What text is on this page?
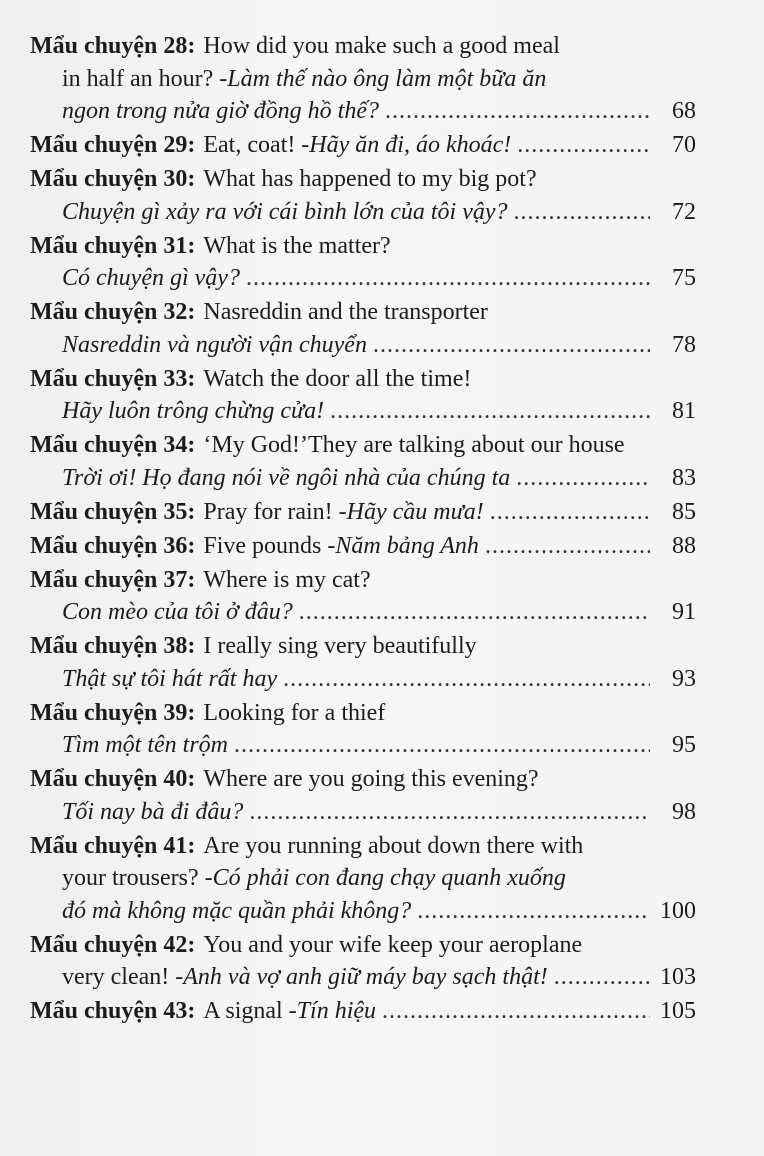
Mẩu chuyện 28: How did you make such a good meal
in half an hour? - Làm thế nào ông làm một bữa ăn
ngon trong nửa giờ đồng hồ thế? .....	68
Mẩu chuyện 29: Eat, coat! - Hãy ăn đi, áo khoác! .....	70
Mẩu chuyện 30: What has happened to my big pot?
Chuyện gì xảy ra với cái bình lớn của tôi vậy? .....	72
Mẩu chuyện 31: What is the matter?
Có chuyện gì vậy? .....	75
Mẩu chuyện 32: Nasreddin and the transporter
Nasreddin và người vận chuyển .....	78
Mẩu chuyện 33: Watch the door all the time!
Hãy luôn trông chừng cửa! .....	81
Mẩu chuyện 34: ‘My God!’They are talking about our house
Trời ơi! Họ đang nói về ngôi nhà của chúng ta .....	83
Mẩu chuyện 35: Pray for rain! - Hãy cầu mưa! .....	85
Mẩu chuyện 36: Five pounds - Năm bảng Anh .....	88
Mẩu chuyện 37: Where is my cat?
Con mèo của tôi ở đâu? .....	91
Mẩu chuyện 38: I really sing very beautifully
Thật sự tôi hát rất hay .....	93
Mẩu chuyện 39: Looking for a thief
Tìm một tên trộm .....	95
Mẩu chuyện 40: Where are you going this evening?
Tối nay bà đi đâu? .....	98
Mẩu chuyện 41: Are you running about down there with
your trousers? - Có phải con đang chạy quanh xuống
đó mà không mặc quần phải không? .....	100
Mẩu chuyện 42: You and your wife keep your aeroplane
very clean! - Anh và vợ anh giữ máy bay sạch thật! .....	103
Mẩu chuyện 43: A signal - Tín hiệu .....	105
